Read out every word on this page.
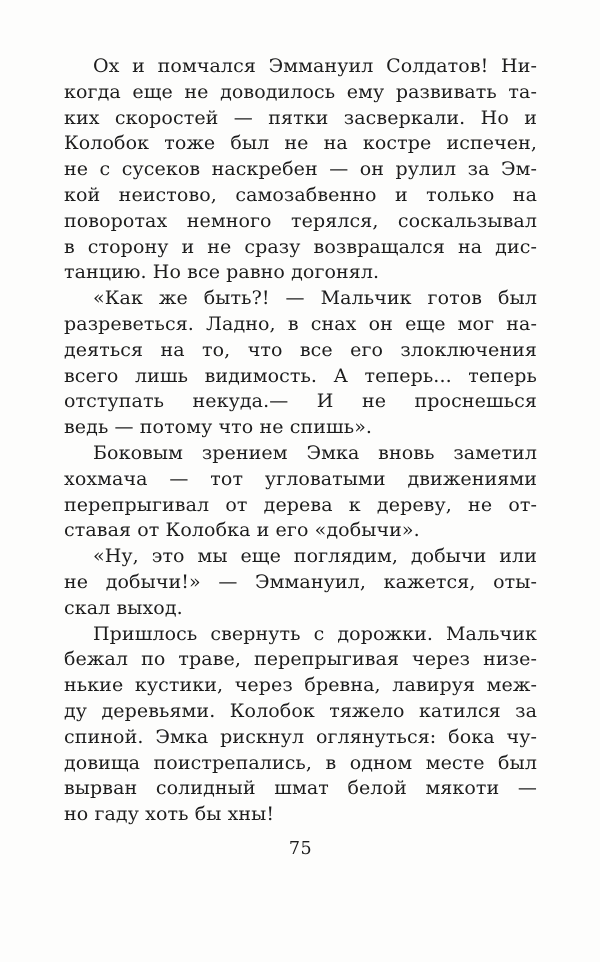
Ох и помчался Эммануил Солдатов! Ни-
когда еще не доводилось ему развивать та-
ких скоростей — пятки засверкали. Но и
Колобок тоже был не на костре испечен,
не с сусеков наскребен — он рулил за Эм-
кой неистово, самозабвенно и только на
поворотах немного терялся, соскальзывал
в сторону и не сразу возвращался на дис-
танцию. Но все равно догонял.
«Как же быть?! — Мальчик готов был
разреветься. Ладно, в снах он еще мог на-
деяться на то, что все его злоключения
всего лишь видимость. А теперь... теперь
отступать некуда.— И не проснешься
ведь — потому что не спишь».
Боковым зрением Эмка вновь заметил
хохмача — тот угловатыми движениями
перепрыгивал от дерева к дереву, не от-
ставая от Колобка и его «добычи».
«Ну, это мы еще поглядим, добычи или
не добычи!» — Эммануил, кажется, оты-
скал выход.
Пришлось свернуть с дорожки. Мальчик
бежал по траве, перепрыгивая через низе-
нькие кустики, через бревна, лавируя меж-
ду деревьями. Колобок тяжело катился за
спиной. Эмка рискнул оглянуться: бока чу-
довища поистрепались, в одном месте был
вырван солидный шмат белой мякоти —
но гаду хоть бы хны!
75
